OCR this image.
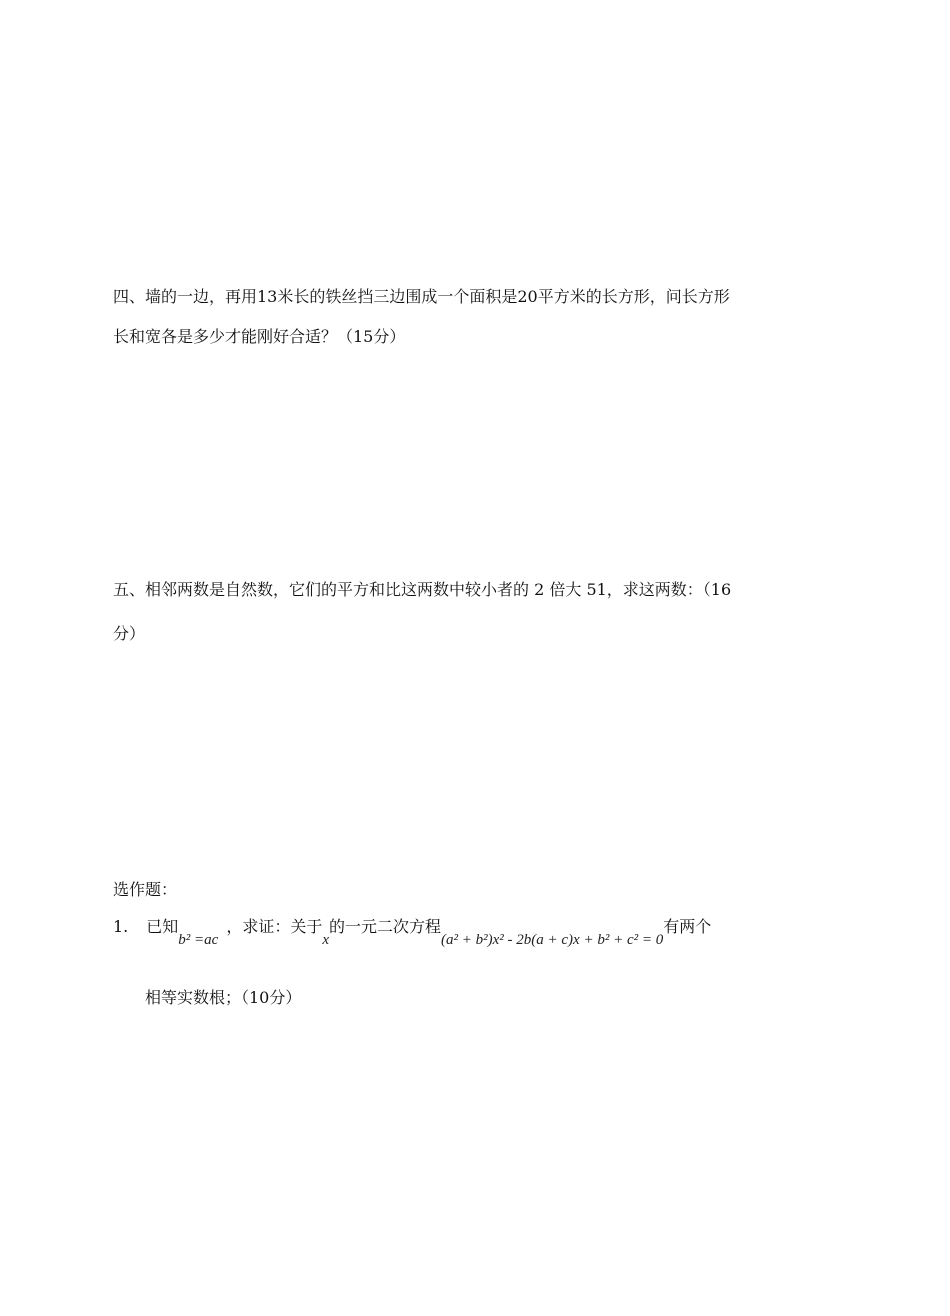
四、墙的一边，再用13米长的铁丝挡三边围成一个面积是20平方米的长方形，问长方形

长和宽各是多少才能刚好合适？（15分）

五、相邻两数是自然数，它们的平方和比这两数中较小者的 2 倍大 51，求这两数：（16

分）

选作题：

1. 已知b² =ac，求证：关于x的一元二次方程(a² + b²)x² - 2b(a + c)x + b² + c² = 0有两个

相等实数根；（10分）
